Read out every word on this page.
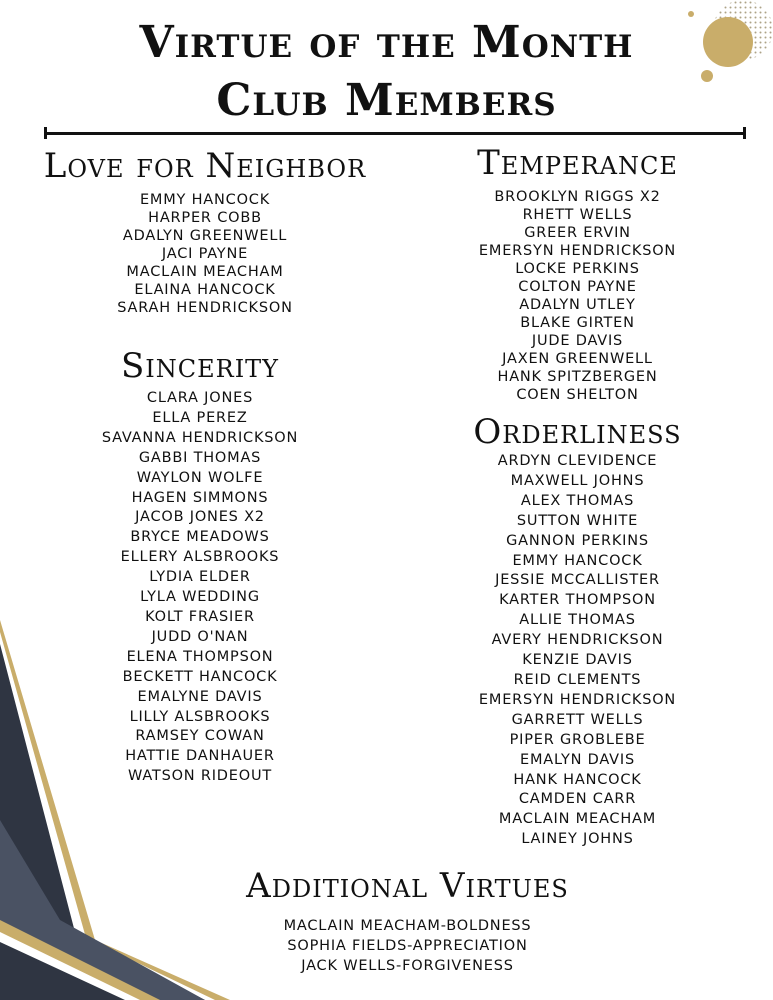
Virtue of the Month
Club Members
Love for Neighbor
EMMY HANCOCK
HARPER COBB
ADALYN GREENWELL
JACI PAYNE
MACLAIN MEACHAM
ELAINA HANCOCK
SARAH HENDRICKSON
Temperance
BROOKLYN RIGGS X2
RHETT WELLS
GREER ERVIN
EMERSYN HENDRICKSON
LOCKE PERKINS
COLTON PAYNE
ADALYN UTLEY
BLAKE GIRTEN
JUDE DAVIS
JAXEN GREENWELL
HANK SPITZBERGEN
COEN SHELTON
Sincerity
CLARA JONES
ELLA PEREZ
SAVANNA HENDRICKSON
GABBI THOMAS
WAYLON WOLFE
HAGEN SIMMONS
JACOB JONES X2
BRYCE MEADOWS
ELLERY ALSBROOKS
LYDIA ELDER
LYLA WEDDING
KOLT FRASIER
JUDD O'NAN
ELENA THOMPSON
BECKETT HANCOCK
EMALYNE DAVIS
LILLY ALSBROOKS
RAMSEY COWAN
HATTIE DANHAUER
WATSON RIDEOUT
Orderliness
ARDYN CLEVIDENCE
MAXWELL JOHNS
ALEX THOMAS
SUTTON WHITE
GANNON PERKINS
EMMY HANCOCK
JESSIE MCCALLISTER
KARTER THOMPSON
ALLIE THOMAS
AVERY HENDRICKSON
KENZIE DAVIS
REID CLEMENTS
EMERSYN HENDRICKSON
GARRETT WELLS
PIPER GROBLEBE
EMALYN DAVIS
HANK HANCOCK
CAMDEN CARR
MACLAIN MEACHAM
LAINEY JOHNS
Additional Virtues
MACLAIN MEACHAM-BOLDNESS
SOPHIA FIELDS-APPRECIATION
JACK WELLS-FORGIVENESS
